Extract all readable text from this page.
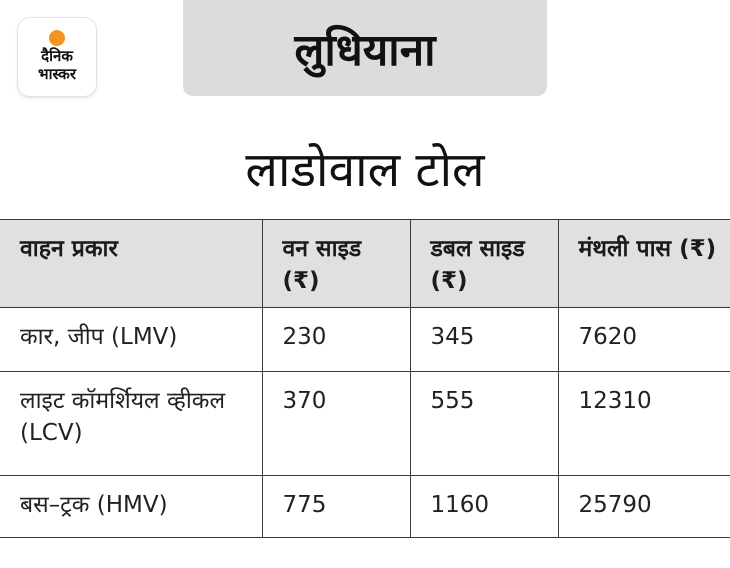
दैनिक
भास्कर	लुधियाना
लाडोवाल टोल
वाहन प्रकार	वन साइड (₹)	डबल साइड (₹)	मंथली पास (₹)
कार, जीप (LMV)	230	345	7620
लाइट कॉमर्शियल व्हीकल (LCV)	370	555	12310
बस–ट्रक (HMV)	775	1160	25790
